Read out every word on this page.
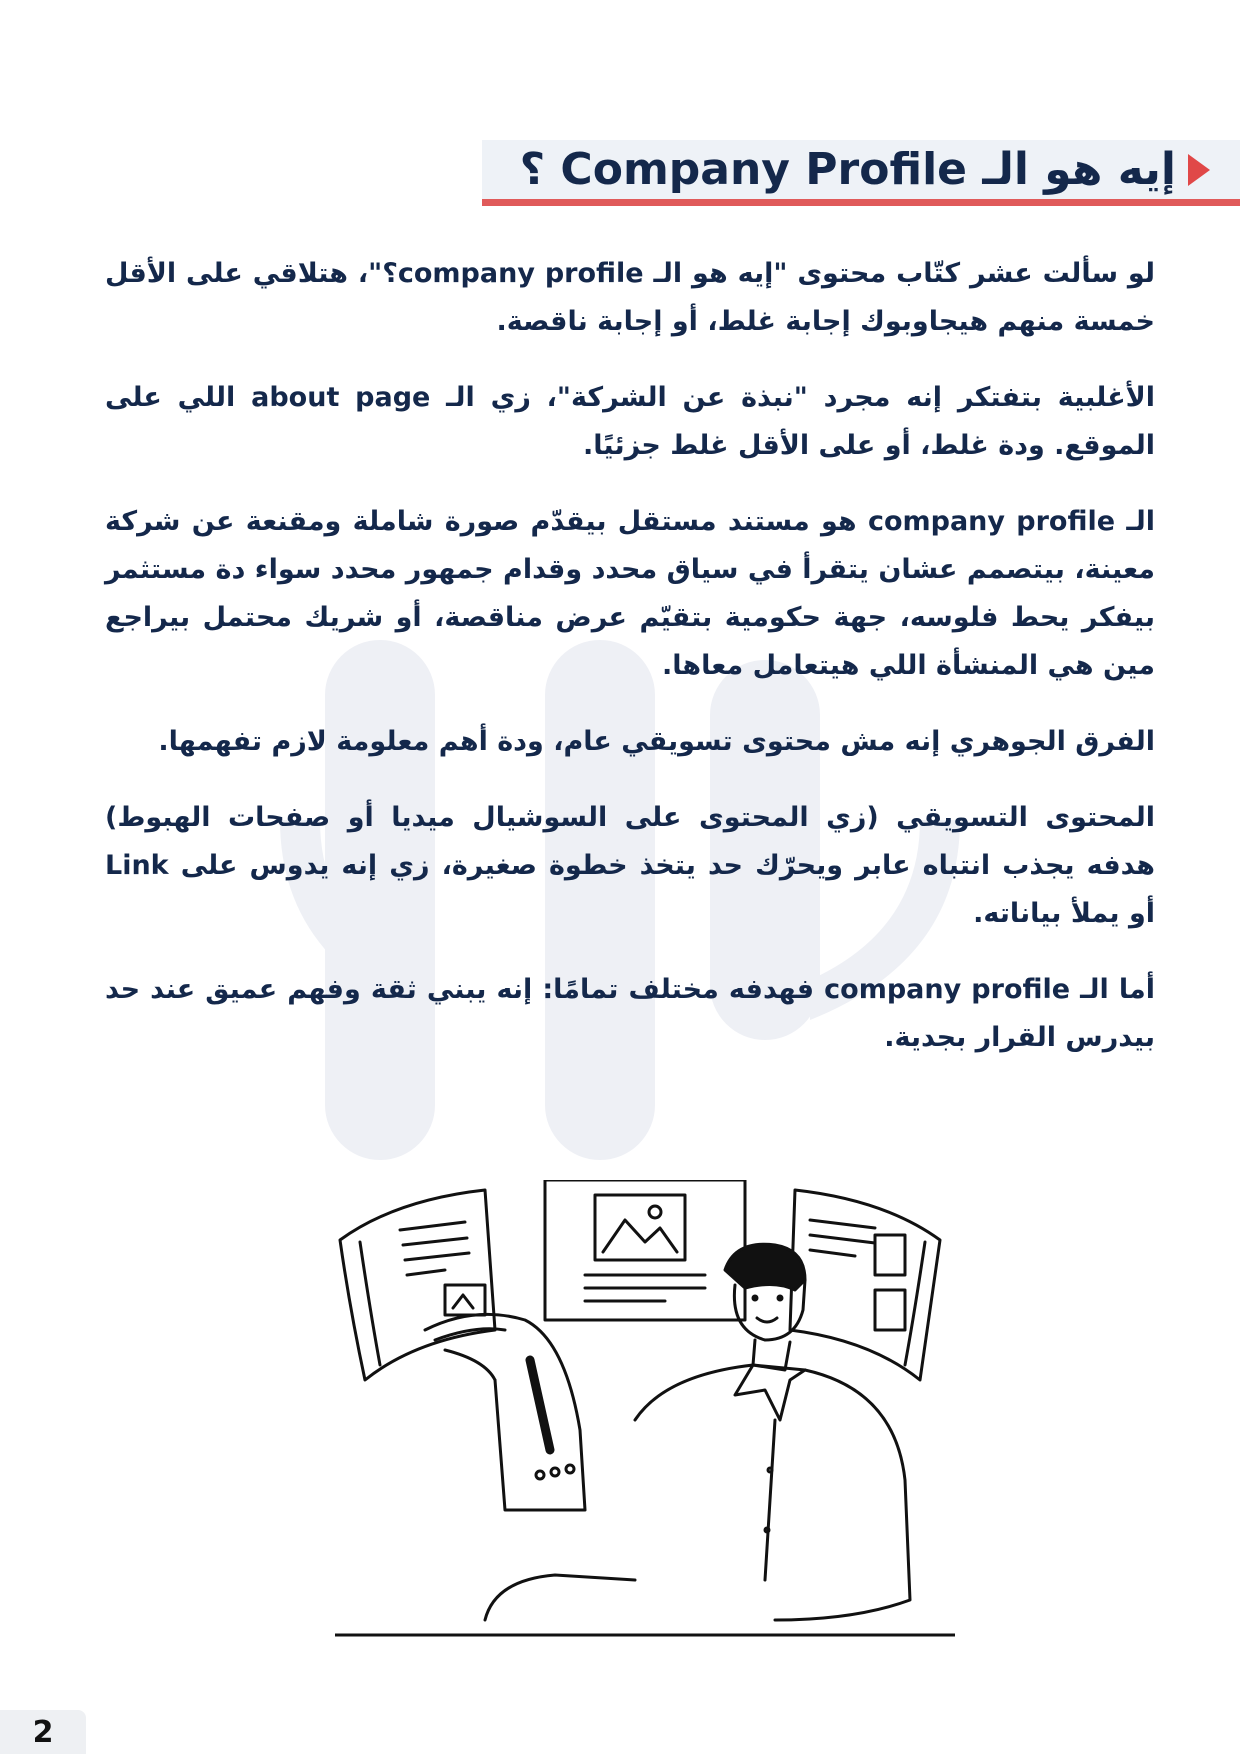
إيه هو الـ Company Profile ؟

لو سألت عشر كتّاب محتوى "إيه هو الـ company profile؟"، هتلاقي على الأقل خمسة منهم هيجاوبوك إجابة غلط، أو إجابة ناقصة.

الأغلبية بتفتكر إنه مجرد "نبذة عن الشركة"، زي الـ about page اللي على الموقع. ودة غلط، أو على الأقل غلط جزئيًا.

الـ company profile هو مستند مستقل بيقدّم صورة شاملة ومقنعة عن شركة معينة، بيتصمم عشان يتقرأ في سياق محدد وقدام جمهور محدد سواء دة مستثمر بيفكر يحط فلوسه، جهة حكومية بتقيّم عرض مناقصة، أو شريك محتمل بيراجع مين هي المنشأة اللي هيتعامل معاها.

الفرق الجوهري إنه مش محتوى تسويقي عام، ودة أهم معلومة لازم تفهمها.

المحتوى التسويقي (زي المحتوى على السوشيال ميديا أو صفحات الهبوط) هدفه يجذب انتباه عابر ويحرّك حد يتخذ خطوة صغيرة، زي إنه يدوس على Link أو يملأ بياناته.

أما الـ company profile فهدفه مختلف تمامًا: إنه يبني ثقة وفهم عميق عند حد بيدرس القرار بجدية.

2
